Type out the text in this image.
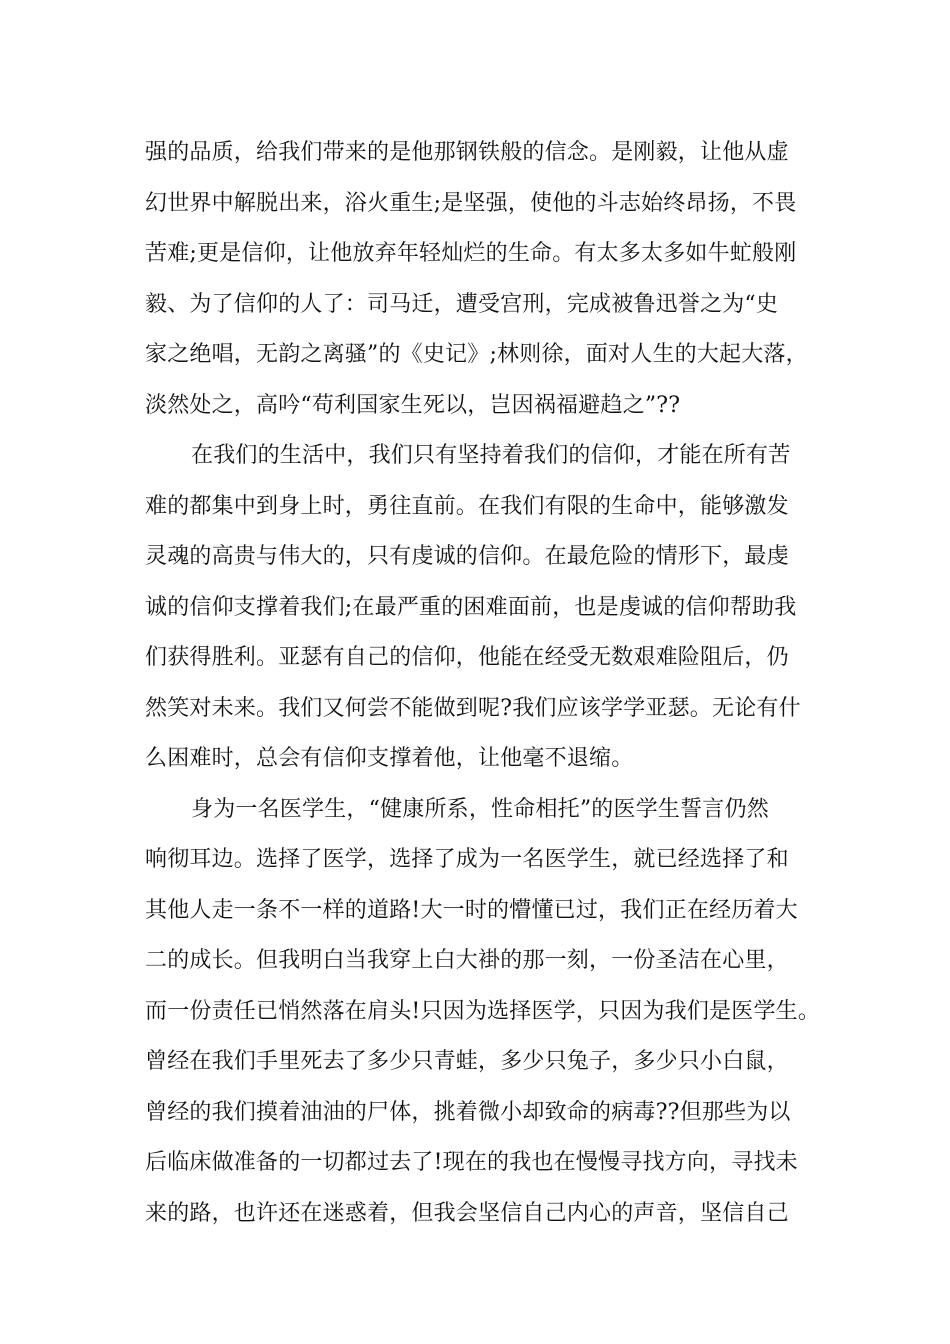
强的品质，给我们带来的是他那钢铁般的信念。是刚毅，让他从虚
幻世界中解脱出来，浴火重生;是坚强，使他的斗志始终昂扬，不畏
苦难;更是信仰，让他放弃年轻灿烂的生命。有太多太多如牛虻般刚
毅、为了信仰的人了：司马迁，遭受宫刑，完成被鲁迅誉之为“史
家之绝唱，无韵之离骚”的《史记》;林则徐，面对人生的大起大落，
淡然处之，高吟“苟利国家生死以，岂因祸福避趋之”??
在我们的生活中，我们只有坚持着我们的信仰，才能在所有苦
难的都集中到身上时，勇往直前。在我们有限的生命中，能够激发
灵魂的高贵与伟大的，只有虔诚的信仰。在最危险的情形下，最虔
诚的信仰支撑着我们;在最严重的困难面前，也是虔诚的信仰帮助我
们获得胜利。亚瑟有自己的信仰，他能在经受无数艰难险阻后，仍
然笑对未来。我们又何尝不能做到呢?我们应该学学亚瑟。无论有什
么困难时，总会有信仰支撑着他，让他毫不退缩。
身为一名医学生，“健康所系，性命相托”的医学生誓言仍然
响彻耳边。选择了医学，选择了成为一名医学生，就已经选择了和
其他人走一条不一样的道路!大一时的懵懂已过，我们正在经历着大
二的成长。但我明白当我穿上白大褂的那一刻，一份圣洁在心里，
而一份责任已悄然落在肩头!只因为选择医学，只因为我们是医学生。
曾经在我们手里死去了多少只青蛙，多少只兔子，多少只小白鼠，
曾经的我们摸着油油的尸体，挑着微小却致命的病毒??但那些为以
后临床做准备的一切都过去了!现在的我也在慢慢寻找方向，寻找未
来的路，也许还在迷惑着，但我会坚信自己内心的声音，坚信自己
